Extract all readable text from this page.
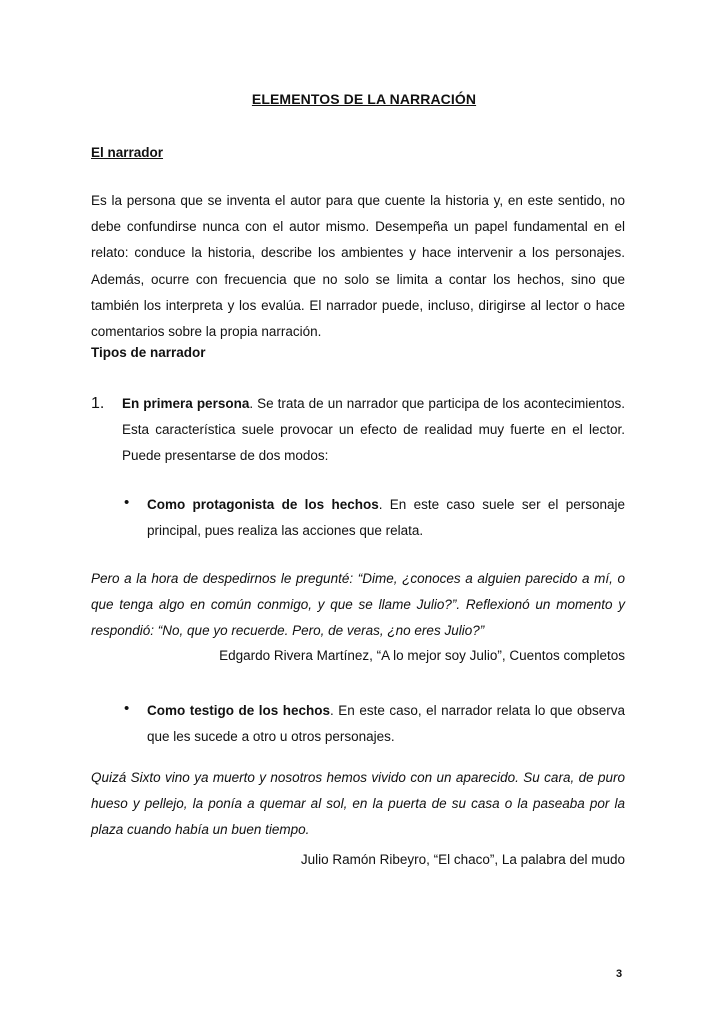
ELEMENTOS DE LA NARRACIÓN
El narrador

Es la persona que se inventa el autor para que cuente la historia y, en este sentido, no debe confundirse nunca con el autor mismo. Desempeña un papel fundamental en el relato: conduce la historia, describe los ambientes y hace intervenir a los personajes. Además, ocurre con frecuencia que no solo se limita a contar los hechos, sino que también los interpreta y los evalúa. El narrador puede, incluso, dirigirse al lector o hace comentarios sobre la propia narración.

Tipos de narrador
1. En primera persona. Se trata de un narrador que participa de los acontecimientos. Esta característica suele provocar un efecto de realidad muy fuerte en el lector. Puede presentarse de dos modos:

• Como protagonista de los hechos. En este caso suele ser el personaje principal, pues realiza las acciones que relata.

Pero a la hora de despedirnos le pregunté: “Dime, ¿conoces a alguien parecido a mí, o que tenga algo en común conmigo, y que se llame Julio?”. Reflexionó un momento y respondió: “No, que yo recuerde. Pero, de veras, ¿no eres Julio?”

Edgardo Rivera Martínez, “A lo mejor soy Julio”, Cuentos completos
• Como testigo de los hechos. En este caso, el narrador relata lo que observa que les sucede a otro u otros personajes.

Quizá Sixto vino ya muerto y nosotros hemos vivido con un aparecido. Su cara, de puro hueso y pellejo, la ponía a quemar al sol, en la puerta de su casa o la paseaba por la plaza cuando había un buen tiempo.

Julio Ramón Ribeyro, “El chaco”, La palabra del mudo
3
